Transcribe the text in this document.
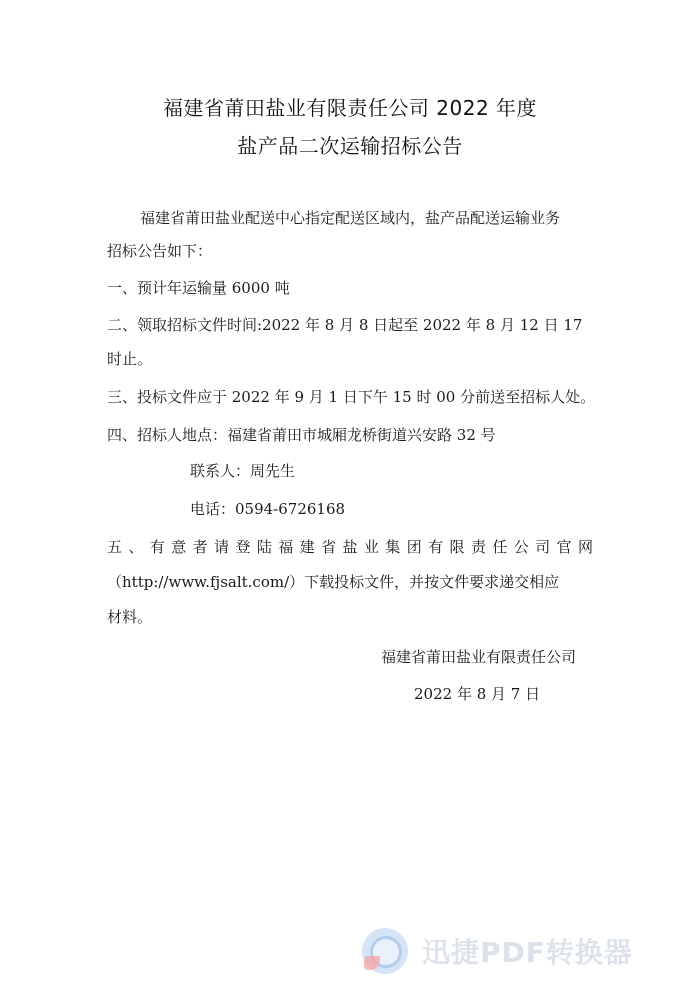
福建省莆田盐业有限责任公司 2022 年度
盐产品二次运输招标公告
福建省莆田盐业配送中心指定配送区域内，盐产品配送运输业务
招标公告如下：
一、预计年运输量 6000 吨
二、领取招标文件时间:2022 年 8 月 8 日起至 2022 年 8 月 12 日 17
时止。
三、投标文件应于 2022 年 9 月 1 日下午 15 时 00 分前送至招标人处。
四、招标人地点：福建省莆田市城厢龙桥街道兴安路 32 号
联系人：周先生
电话：0594-6726168
五、有意者请登陆福建省盐业集团有限责任公司官网
（http://www.fjsalt.com/）下载投标文件，并按文件要求递交相应
材料。
福建省莆田盐业有限责任公司
2022 年 8 月 7 日
迅捷PDF转换器
